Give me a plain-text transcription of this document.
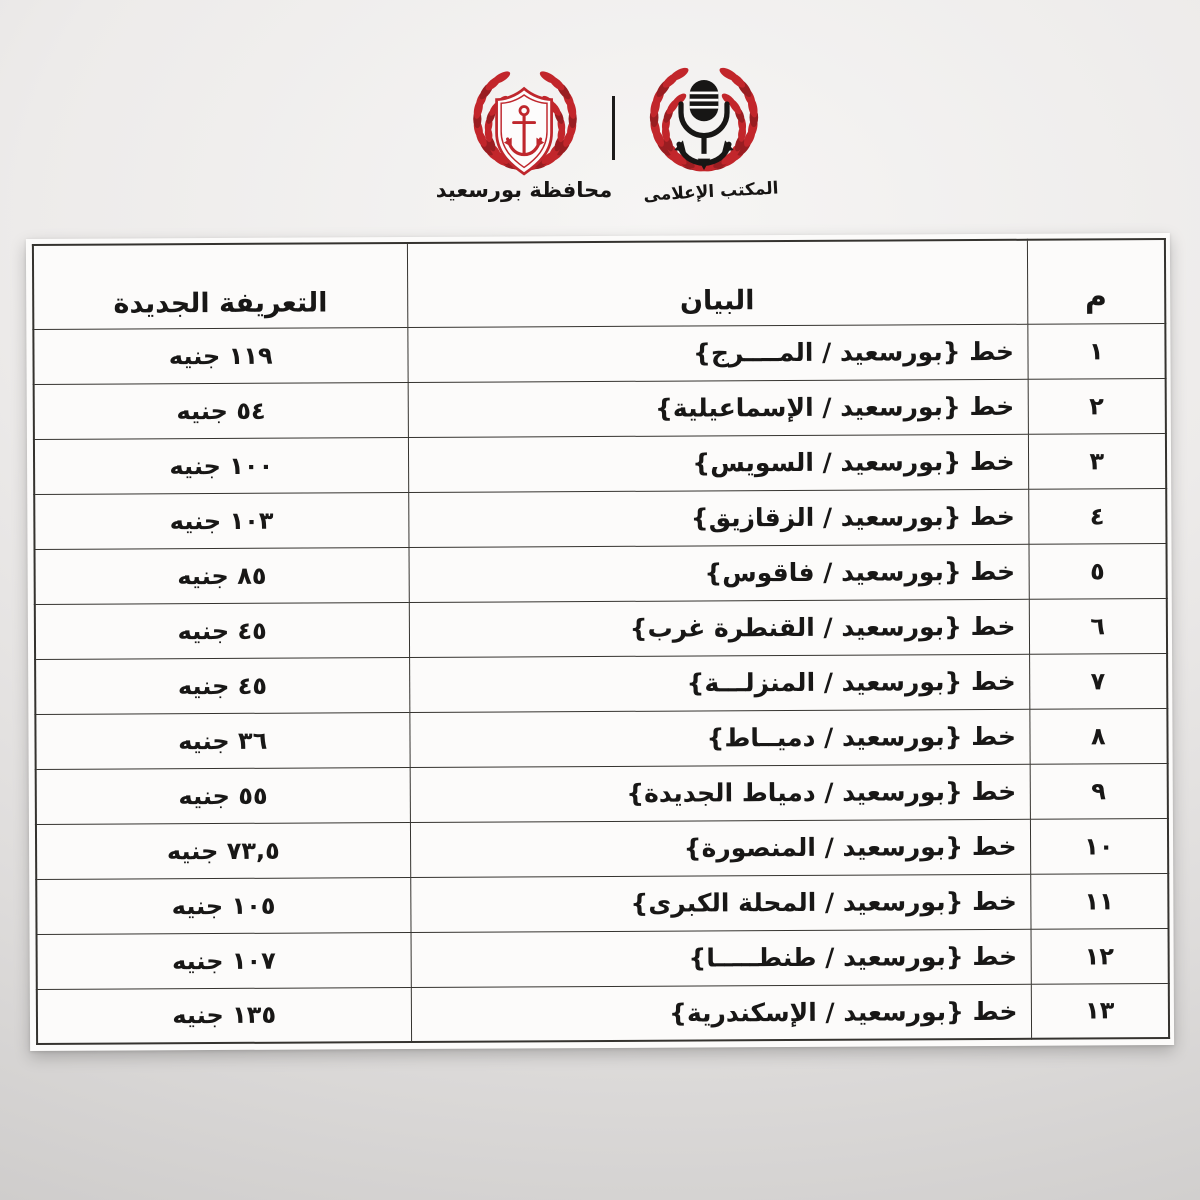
محافظة بورسعيد	المكتب الإعلامى
م	البيان	التعريفة الجديدة
١	خط {بورسعيد / المــــرج}	١١٩ جنيه
٢	خط {بورسعيد / الإسماعيلية}	٥٤ جنيه
٣	خط {بورسعيد / السويس}	١٠٠ جنيه
٤	خط {بورسعيد / الزقازيق}	١٠٣ جنيه
٥	خط {بورسعيد / فاقوس}	٨٥ جنيه
٦	خط {بورسعيد / القنطرة غرب}	٤٥ جنيه
٧	خط {بورسعيد / المنزلـــة}	٤٥ جنيه
٨	خط {بورسعيد / دميــاط}	٣٦ جنيه
٩	خط {بورسعيد / دمياط الجديدة}	٥٥ جنيه
١٠	خط {بورسعيد / المنصورة}	٧٣,٥ جنيه
١١	خط {بورسعيد / المحلة الكبرى}	١٠٥ جنيه
١٢	خط {بورسعيد / طنطـــــا}	١٠٧ جنيه
١٣	خط {بورسعيد / الإسكندرية}	١٣٥ جنيه
